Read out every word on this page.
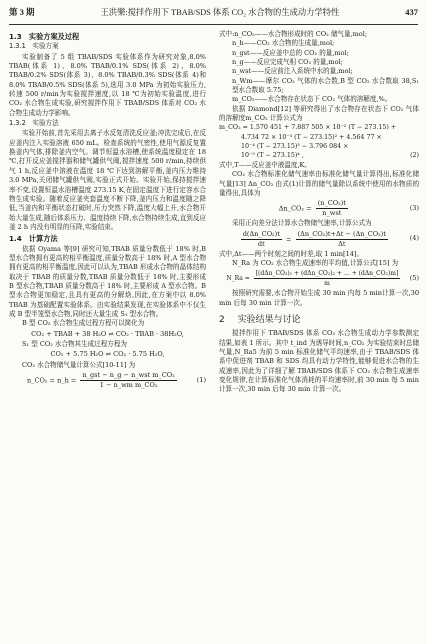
第 3 期	王洪樂:搅拌作用下 TBAB/SDS 体系 CO₂ 水合物的生成动力学特性	437
1.3　实验方案及过程
1.3.1　实验方案

实验制备了 5 组 TBAB/SDS 实验体系作为研究对象,8.0% TBAB(体系 1)、8.0% TBAB/0.1% SDS(体系 2)、8.0% TBAB/0.2% SDS(体系 3)、8.0% TBAB/0.3% SDS(体系 4)和 8.0% TBAB/0.5% SDS(体系 5),选用 3.0 MPa 为初始实验压力,转速 500 r/min为实验搅拌速度,以 18 ℃为初始实验温度,进行 CO₂ 水合物生成实验,研究搅拌作用下 TBAB/SDS 体系对 CO₂ 水合物生成动力学影响。

1.3.2　实验方法

实验开始前,首先采用去离子水反复清洗反应釜;冲洗完成后,在反应釜内注入实验溶液 650 mL。检查系统的气密性,使用气源反复置换釜内气体,排除釜内空气。调节恒温水浴槽,使系统温度稳定在 18 ℃,打开反应釜搅拌器和储气罐供气阀,搅拌速度 500 r/min,持续供气 1 h,反应釜中溶液在温度 18 ℃下达到溶解平衡,釜内压力维持 3.0 MPa,关闭储气罐供气阀,实验正式开始。实验开始,保持搅拌速率不变,设置恒温水浴槽温度 273.15 K,在固定温度下进行定容水合物生成实验。随着反应釜夹套温度不断下降,釜内压力和温度随之降低,当釜内和平衡状态打破时,压力突然下降,温度大幅上升,水合物开始大量生成,随后体系压力、温度持续下降,水合物持续生成,直到反应釜 2 h 内没有明显的压降,实验结束。

1.4　计算方法

依据 Oyama 等[9] 研究可知,TBAB 质量分数低于 18% 时,B 型水合物拥有更高的相平衡温度,质量分数高于 18% 时,A 型水合物拥有更高的相平衡温度,因此可以认为,TBAB 形成水合物的晶体结构取决于 TBAB 的质量分数,TBAB 质量分数低于 18% 时,主要形成 B 型水合物,TBAB 质量分数高于 18% 时,主要形成 A 型水合物。B 型水合物更加稳定,且具有更高的分解焓,因此,在方案中以 8.0% TBAB 为基础配置实验体系。由实验结果发现,在实验体系中不仅生成 B 型半笼型水合物,同时还大量生成 S₁ 型水合物。

B 型 CO₂ 水合物生成过程方程可以简化为

CO₂ + TBAB + 38 H₂O ⇌ CO₂ · TBAB · 38H₂O,

S₁ 型 CO₂ 水合物其生成过程方程为

CO₂ + 5.75 H₂O ⇌ CO₂ · 5.75 H₂O,

CO₂ 水合物储气量计算公式[10-11] 为

n_CO₂ = n_h = $\frac{\text{n\_gst − n\_g − n\_wst m\_CO₂}}{\text{1 − n\_wm m\_CO₂}}$	(1)

式中:n_CO₂——水合物形成时的 CO₂ 储气量,mol;

n_h——CO₂ 水合物的生成量,mol;

n_gst——反应釜中总的 CO₂ 的量,mol;

n_g——反应完成气相 CO₂ 的量,mol;

n_wst——反应前注入系统中水的量,mol;

n_Wm——摩尔 CO₂ 气体的水合数,B 型 CO₂ 水合数取 38,S₁ 型水合数取 5.75;

m_CO₂——水合物存在状态下 CO₂ 气体的溶解度,%。

依据 Diamond[12] 等研究得出了水合物存在状态下 CO₂ 气体的溶解度m_CO₂ 计算公式为

m_CO₂ = 1.570 451 + 7.887 505 × 10⁻² (T − 273.15) +
4.734 72 × 10⁻³ (T − 273.15)² + 4.564 77 ×
10⁻⁴ (T − 273.15)³ − 3.796 084 ×
10⁻⁵ (T − 273.15)⁴ ,	(2)

式中,T——反应釜中液温度,K。

CO₂ 水合物标准化储气速率由标准化储气量计算得出,标准化储气量[13] Δn_CO₂ 由式(1)计算的储气量除以系统中使用的水物质的量得出,具体为

Δn_CO₂ = $\frac{\text{(n\_CO₂)t}}{\text{n\_wst}}$	(3)

采用正向差分法计算水合物储气速率,计算公式为

$\frac{\text{d(Δn\_CO₂)t}}{dt} = \frac{\text{(Δn\_CO₂)t+Δt − (Δn\_CO₂)t}}{\Delta t}$	(4)

式中,Δt——两个时刻之间的时差,取 1 min[14]。

N_Ra 为 CO₂ 水合物生成速率的平均值,计算公式[15] 为

N_Ra = $\frac{\text{[(dΔn\_CO₂)₁ + (dΔn\_CO₂)₂ + … + (dΔn\_CO₂)m]}}{m} (5)$

按照研究需要,水合物开始生成 30 min 内每 5 min计算一次,30 min 后每 30 min 计算一次。

2 实验结果与讨论

搅拌作用下 TBAB/SDS 体系 CO₂ 水合物生成动力学参数测定结果,如表 1 所示。其中 t_ind 为诱导时间,n_CO₂ 为实验结束时总储气量,N_Ra5 为前 5 min 标准化储气平均速率,由于 TBAB/SDS 体系中促进剂 TBAB 和 SDS 均具有动力学特性,能够促进水合物的生成速率,因此为了详细了解 TBAB/SDS 体系下 CO₂ 水合物生成速率变化规律,在计算标准化气体消耗的平均速率时,前 30 min 每 5 min 计算一次,30 min 后每 30 min 计算一次。
